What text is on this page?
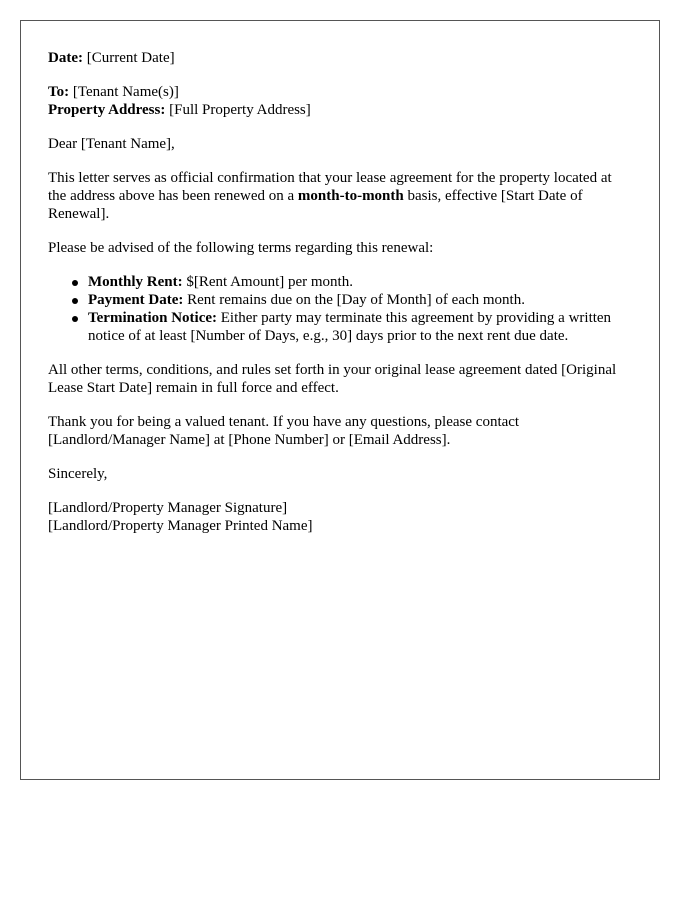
Date: [Current Date]

To: [Tenant Name(s)]
Property Address: [Full Property Address]

Dear [Tenant Name],

This letter serves as official confirmation that your lease agreement for the property located at the address above has been renewed on a month-to-month basis, effective [Start Date of Renewal].

Please be advised of the following terms regarding this renewal:

Monthly Rent: $[Rent Amount] per month.
Payment Date: Rent remains due on the [Day of Month] of each month.
Termination Notice: Either party may terminate this agreement by providing a written notice of at least [Number of Days, e.g., 30] days prior to the next rent due date.

All other terms, conditions, and rules set forth in your original lease agreement dated [Original Lease Start Date] remain in full force and effect.

Thank you for being a valued tenant. If you have any questions, please contact [Landlord/Manager Name] at [Phone Number] or [Email Address].

Sincerely,

[Landlord/Property Manager Signature]
[Landlord/Property Manager Printed Name]
